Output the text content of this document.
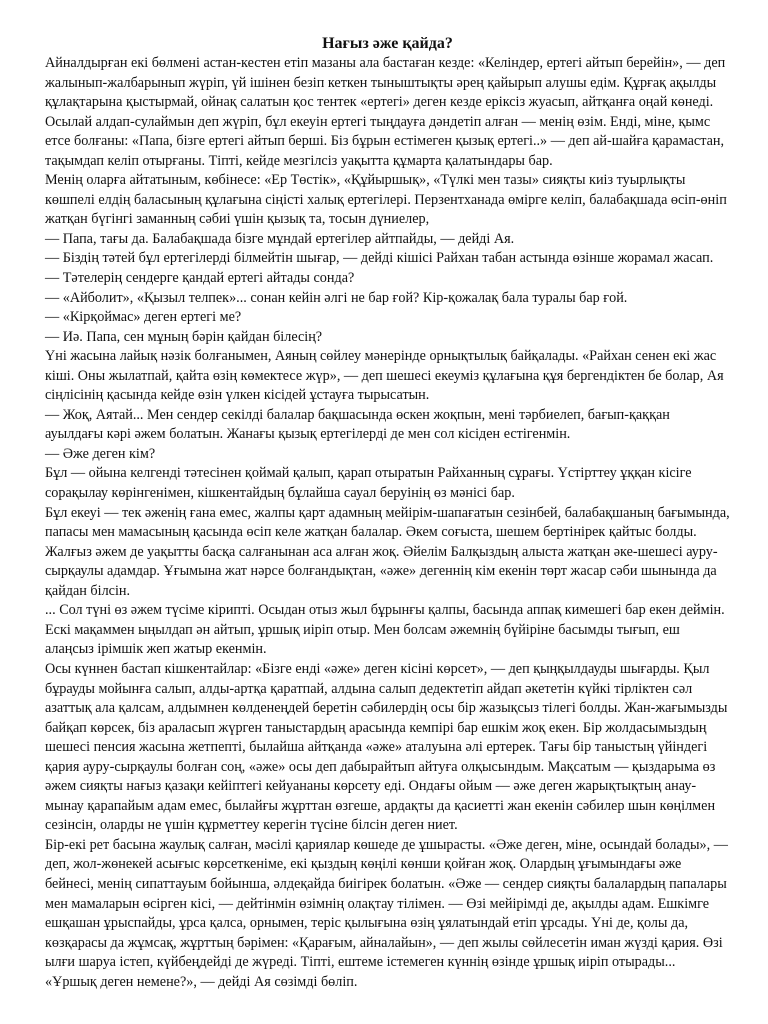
Нағыз әже қайда?

Айналдырған екі бөлмені астан-кестен етіп мазаны ала бастаған кезде: «Келіндер, ертегі айтып берейін», — деп жалынып-жалбарынып жүріп, үй ішінен безіп кеткен тыныштықты әрең қайырып алушы едім. Құрғақ ақылды құлақтарына қыстырмай, ойнақ салатын қос тентек «ертегі» деген кезде еріксіз жуасып, айтқанға оңай көнеді. Осылай алдап-сулаймын деп жүріп, бұл екеуін ертегі тыңдауға дәндетіп алған — менің өзім. Енді, міне, қымс етсе болғаны: «Папа, бізге ертегі айтып берші. Біз бұрын естімеген қызық ертегі..» — деп ай-шайға қарамастан, тақымдап келіп отырғаны. Тіпті, кейде мезгілсіз уақытта құмарта қалатындары бар.

Менің оларға айтатыным, көбінесе: «Ер Төстік», «Құйыршық», «Түлкі мен тазы» сияқты киіз туырлықты көшпелі елдің баласының құлағына сіңісті халық ертегілері. Перзентханада өмірге келіп, балабақшада өсіп-өніп жатқан бүгінгі заманның сәбиі үшін қызық та, тосын дүниелер,

— Папа, тағы да. Балабақшада бізге мұндай ертегілер айтпайды, — дейді Ая.

— Біздің тәтей бұл ертегілерді білмейтін шығар, — дейді кішісі Райхан табан астында өзінше жорамал жасап.

— Тәтелерің сендерге қандай ертегі айтады сонда?

— «Айболит», «Қызыл телпек»... сонан кейін әлгі не бар ғой? Кір-қожалақ бала туралы бар ғой.

— «Кірқоймас» деген ертегі ме?

— Иә. Папа, сен мұның бәрін қайдан білесің?

Үні жасына лайық нәзік болғанымен, Аяның сөйлеу мәнерінде орнықтылық байқалады. «Райхан сенен екі жас кіші. Оны жылатпай, қайта өзің көмектесе жүр», — деп шешесі екеуміз құлағына құя бергендіктен бе болар, Ая сіңлісінің қасында кейде өзін үлкен кісідей ұстауға тырысатын.

— Жоқ, Аятай... Мен сендер секілді балалар бақшасында өскен жоқпын, мені тәрбиелеп, бағып-қаққан ауылдағы кәрі әжем болатын. Жанағы қызық ертегілерді де мен сол кісіден естігенмін.

— Әже деген кім?

Бұл — ойына келгенді тәтесінен қоймай қалып, қарап отыратын Райханның сұрағы. Үстірттеу ұққан кісіге сорақылау көрінгенімен, кішкентайдың бұлайша сауал беруінің өз мәнісі бар.

Бұл екеуі — тек әженің ғана емес, жалпы қарт адамның мейірім-шапағатын сезінбей, балабақшаның бағымында, папасы мен мамасының қасында өсіп келе жатқан балалар. Әкем соғыста, шешем бертінірек қайтыс болды. Жалғыз әжем де уақытты басқа салғанынан аса алған жоқ. Әйелім Балқыздың алыста жатқан әке-шешесі ауру-сырқаулы адамдар. Ұғымына жат нәрсе болғандықтан, «әже» дегеннің кім екенін төрт жасар сәби шынында да қайдан білсін.

... Сол түні өз әжем түсіме кірипті. Осыдан отыз жыл бұрынғы қалпы, басында аппақ кимешегі бар екен деймін. Ескі мақаммен ыңылдап ән айтып, ұршық иіріп отыр. Мен болсам әжемнің бүйіріне басымды тығып, еш алаңсыз ірімшік жеп жатыр екенмін.

Осы күннен бастап кішкентайлар: «Бізге енді «әже» деген кісіні көрсет», — деп қыңқылдауды шығарды. Қыл бұрауды мойынға салып, алды-артқа қаратпай, алдына салып дедектетіп айдап әкететін күйкі тірліктен сәл азаттық ала қалсам, алдымнен көлденеңдей беретін сәбилердің осы бір жазықсыз тілегі болды. Жан-жағымызды байқап көрсек, біз араласып жүрген таныстардың арасында кемпірі бар ешкім жоқ екен. Бір жолдасымыздың шешесі пенсия жасына жетпепті, былайша айтқанда «әже» аталуына әлі ертерек. Тағы бір таныстың үйіндегі қария ауру-сырқаулы болған соң, «әже» осы деп дабырайтып айтуға олқысындым. Мақсатым — қыздарыма өз әжем сияқты нағыз қазақи кейіптегі кейуананы көрсету еді. Ондағы ойым — әже деген жарықтықтың анау-мынау қарапайым адам емес, былайғы жұрттан өзгеше, ардақты да қасиетті жан екенін сәбилер шын көңілмен сезінсін, оларды не үшін құрметтеу керегін түсіне білсін деген ниет.

Бір-екі рет басына жаулық салған, мәсілі қариялар көшеде де ұшырасты. «Әже деген, міне, осындай болады», — деп, жол-жөнекей асығыс көрсеткеніме, екі қыздың көңілі көнши қойған жоқ. Олардың ұғымындағы әже бейнесі, менің сипаттауым бойынша, әлдеқайда биігірек болатын. «Әже — сендер сияқты балалардың папалары мен мамаларын өсірген кісі, — дейтінмін өзімнің олақтау тілімен. — Өзі мейірімді де, ақылды адам. Ешкімге ешқашан ұрыспайды, ұрса қалса, орнымен, теріс қылығына өзің ұялатындай етіп ұрсады. Үні де, қолы да, көзқарасы да жұмсақ, жұрттың бәрімен: «Қарағым, айналайын», — деп жылы сөйлесетін иман жүзді қария. Өзі ылғи шаруа істеп, күйбеңдейді де жүреді. Тіпті, ештеме істемеген күннің өзінде ұршық иіріп отырады...

«Ұршық деген немене?», — дейді Ая сөзімді бөліп.
